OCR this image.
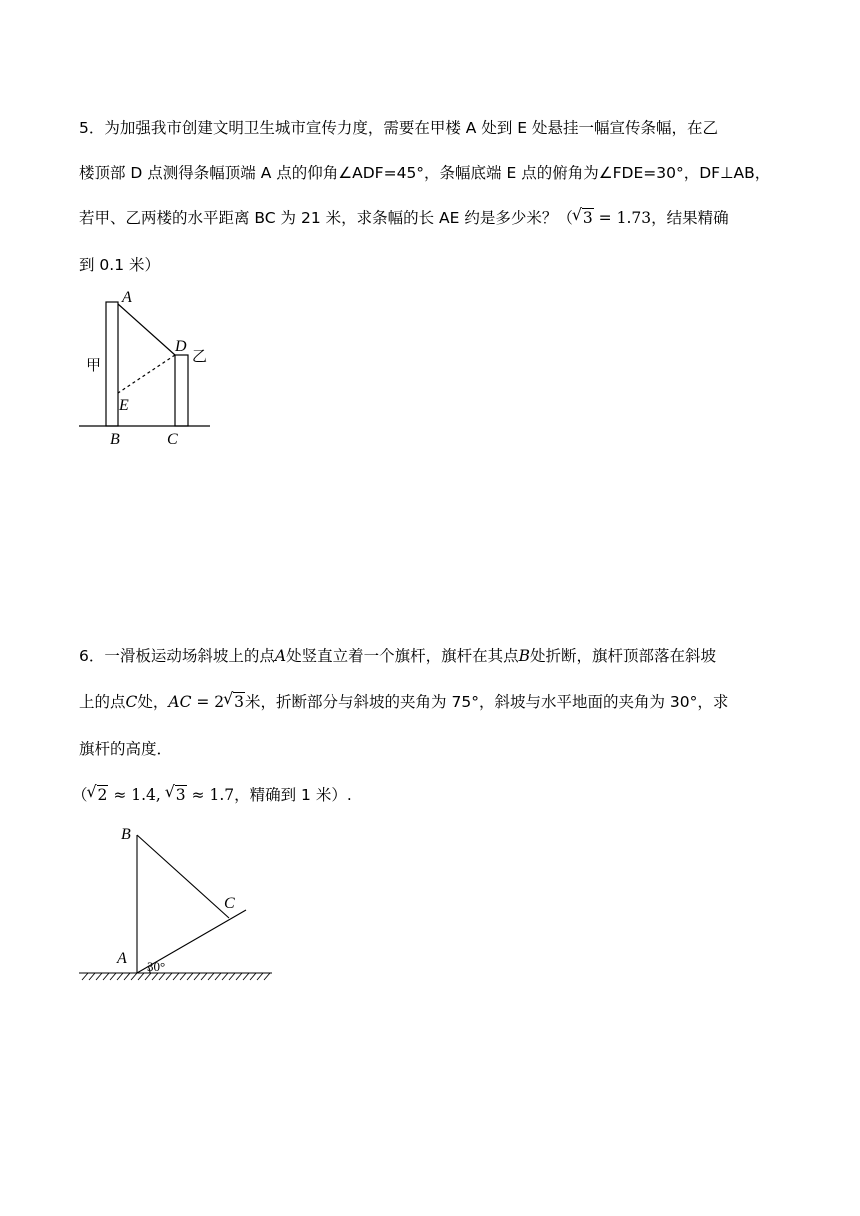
5．为加强我市创建文明卫生城市宣传力度，需要在甲楼 A 处到 E 处悬挂一幅宣传条幅，在乙
楼顶部 D 点测得条幅顶端 A 点的仰角∠ADF=45°，条幅底端 E 点的俯角为∠FDE=30°，DF⊥AB，
若甲、乙两楼的水平距离 BC 为 21 米，求条幅的长 AE 约是多少米？（ √ 3 = 1.73，结果精确
到 0.1 米）
A
D
E
B	C
甲	乙
6．一滑板运动场斜坡上的点A处竖直立着一个旗杆，旗杆在其点B处折断，旗杆顶部落在斜坡
上的点C处，AC = 2 √ 3米，折断部分与斜坡的夹角为 75°，斜坡与水平地面的夹角为 30°，求
旗杆的高度．
（ √ 2 ≈ 1.4, √ 3 ≈ 1.7，精确到 1 米）.
B
C
A 30°
